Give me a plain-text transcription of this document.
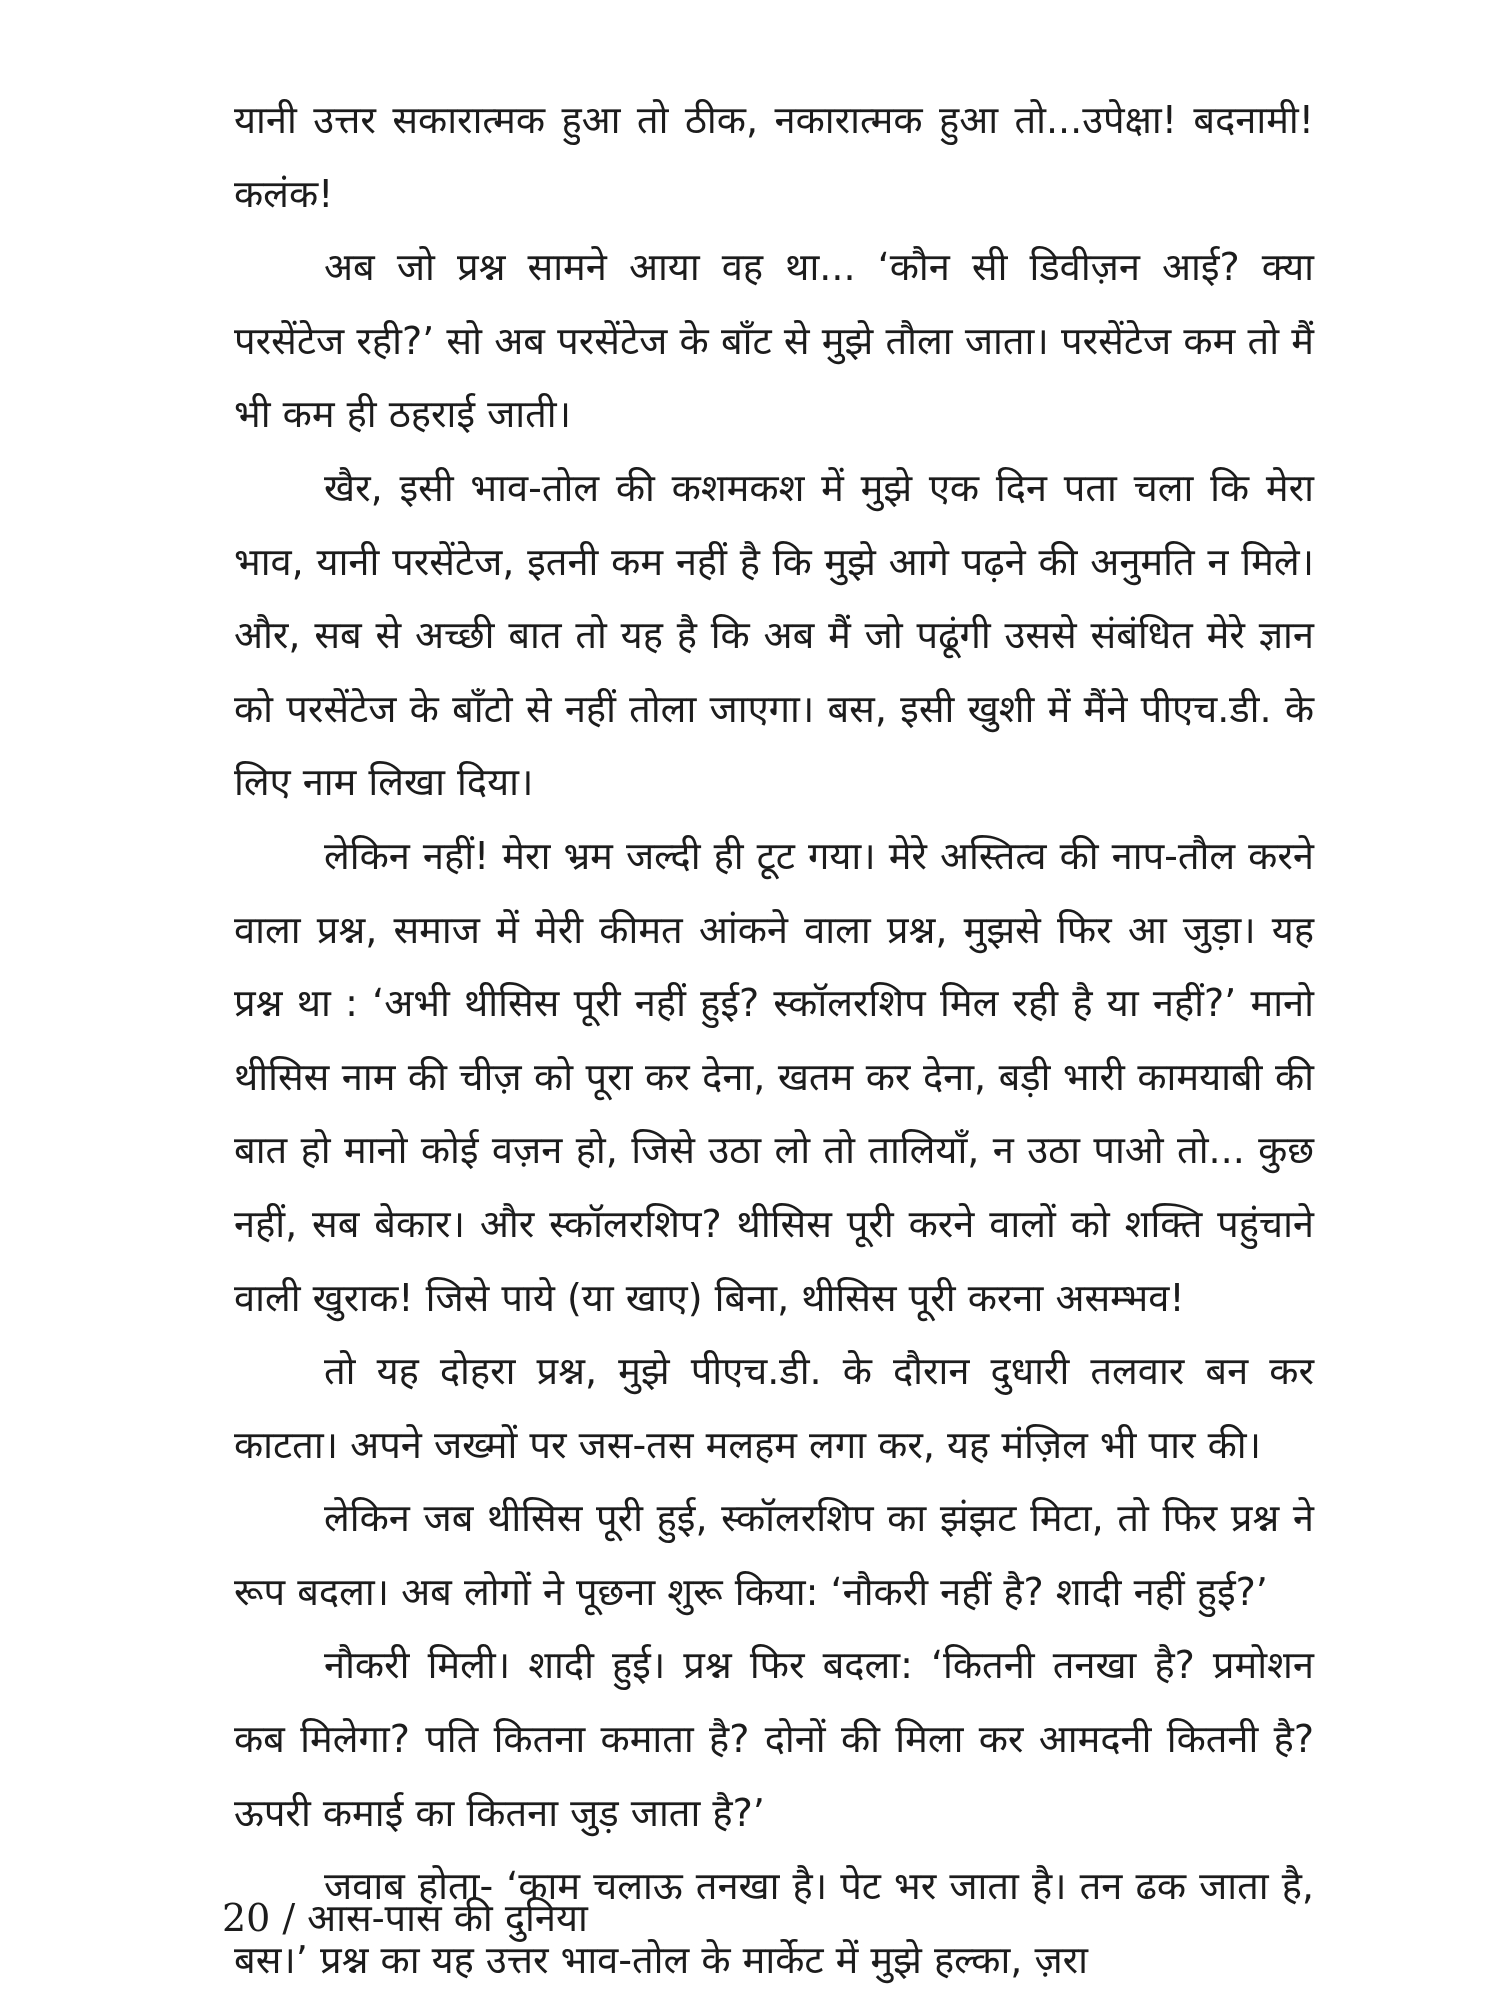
यानी उत्तर सकारात्मक हुआ तो ठीक, नकारात्मक हुआ तो...उपेक्षा! बदनामी! कलंक!

अब जो प्रश्न सामने आया वह था... ‘कौन सी डिवीज़न आई? क्या परसेंटेज रही?’ सो अब परसेंटेज के बाँट से मुझे तौला जाता। परसेंटेज कम तो मैं भी कम ही ठहराई जाती।

खैर, इसी भाव-तोल की कशमकश में मुझे एक दिन पता चला कि मेरा भाव, यानी परसेंटेज, इतनी कम नहीं है कि मुझे आगे पढ़ने की अनुमति न मिले। और, सब से अच्छी बात तो यह है कि अब मैं जो पढूंगी उससे संबंधित मेरे ज्ञान को परसेंटेज के बाँटो से नहीं तोला जाएगा। बस, इसी खुशी में मैंने पीएच.डी. के लिए नाम लिखा दिया।

लेकिन नहीं! मेरा भ्रम जल्दी ही टूट गया। मेरे अस्तित्व की नाप-तौल करने वाला प्रश्न, समाज में मेरी कीमत आंकने वाला प्रश्न, मुझसे फिर आ जुड़ा। यह प्रश्न था : ‘अभी थीसिस पूरी नहीं हुई? स्कॉलरशिप मिल रही है या नहीं?’ मानो थीसिस नाम की चीज़ को पूरा कर देना, खतम कर देना, बड़ी भारी कामयाबी की बात हो मानो कोई वज़न हो, जिसे उठा लो तो तालियाँ, न उठा पाओ तो... कुछ नहीं, सब बेकार। और स्कॉलरशिप? थीसिस पूरी करने वालों को शक्ति पहुंचाने वाली खुराक! जिसे पाये (या खाए) बिना, थीसिस पूरी करना असम्भव!

तो यह दोहरा प्रश्न, मुझे पीएच.डी. के दौरान दुधारी तलवार बन कर काटता। अपने जख्मों पर जस-तस मलहम लगा कर, यह मंज़िल भी पार की।

लेकिन जब थीसिस पूरी हुई, स्कॉलरशिप का झंझट मिटा, तो फिर प्रश्न ने रूप बदला। अब लोगों ने पूछना शुरू किया: ‘नौकरी नहीं है? शादी नहीं हुई?’

नौकरी मिली। शादी हुई। प्रश्न फिर बदला: ‘कितनी तनखा है? प्रमोशन कब मिलेगा? पति कितना कमाता है? दोनों की मिला कर आमदनी कितनी है? ऊपरी कमाई का कितना जुड़ जाता है?’

जवाब होता- ‘काम चलाऊ तनखा है। पेट भर जाता है। तन ढक जाता है, बस।’ प्रश्न का यह उत्तर भाव-तोल के मार्केट में मुझे हल्का, ज़रा

20 / आस-पास की दुनिया
